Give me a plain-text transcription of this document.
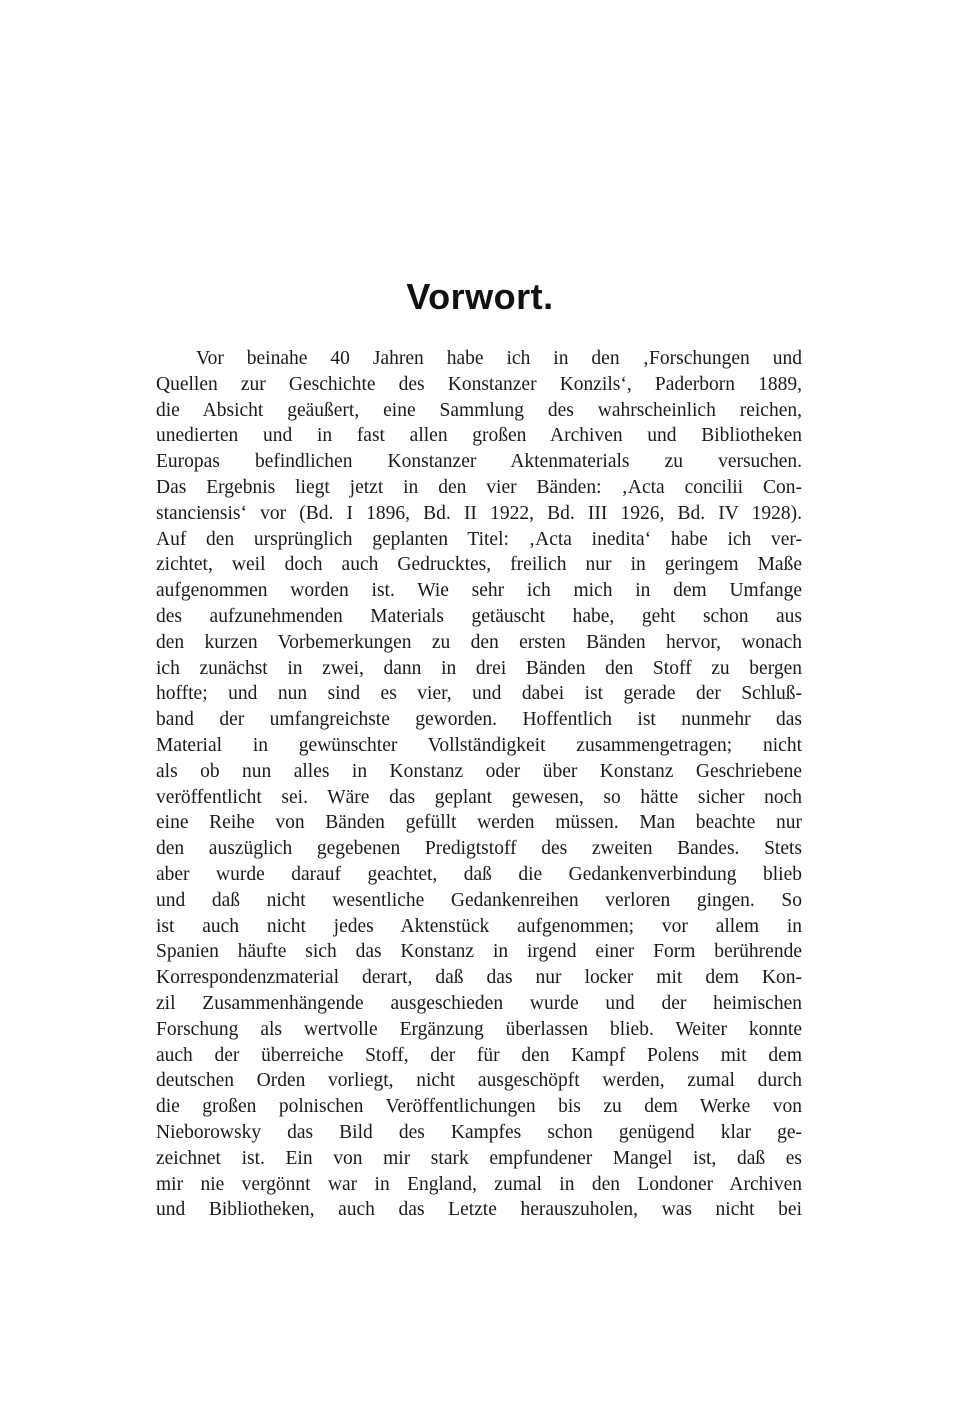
Vorwort.
Vor beinahe 40 Jahren habe ich in den ‚Forschungen und
Quellen zur Geschichte des Konstanzer Konzils‘, Paderborn 1889,
die Absicht geäußert, eine Sammlung des wahrscheinlich reichen,
unedierten und in fast allen großen Archiven und Bibliotheken
Europas befindlichen Konstanzer Aktenmaterials zu versuchen.
Das Ergebnis liegt jetzt in den vier Bänden: ‚Acta concilii Con-
stanciensis‘ vor (Bd. I 1896, Bd. II 1922, Bd. III 1926, Bd. IV 1928).
Auf den ursprünglich geplanten Titel: ‚Acta inedita‘ habe ich ver-
zichtet, weil doch auch Gedrucktes, freilich nur in geringem Maße
aufgenommen worden ist. Wie sehr ich mich in dem Umfange
des aufzunehmenden Materials getäuscht habe, geht schon aus
den kurzen Vorbemerkungen zu den ersten Bänden hervor, wonach
ich zunächst in zwei, dann in drei Bänden den Stoff zu bergen
hoffte; und nun sind es vier, und dabei ist gerade der Schluß-
band der umfangreichste geworden. Hoffentlich ist nunmehr das
Material in gewünschter Vollständigkeit zusammengetragen; nicht
als ob nun alles in Konstanz oder über Konstanz Geschriebene
veröffentlicht sei. Wäre das geplant gewesen, so hätte sicher noch
eine Reihe von Bänden gefüllt werden müssen. Man beachte nur
den auszüglich gegebenen Predigtstoff des zweiten Bandes. Stets
aber wurde darauf geachtet, daß die Gedankenverbindung blieb
und daß nicht wesentliche Gedankenreihen verloren gingen. So
ist auch nicht jedes Aktenstück aufgenommen; vor allem in
Spanien häufte sich das Konstanz in irgend einer Form berührende
Korrespondenzmaterial derart, daß das nur locker mit dem Kon-
zil Zusammenhängende ausgeschieden wurde und der heimischen
Forschung als wertvolle Ergänzung überlassen blieb. Weiter konnte
auch der überreiche Stoff, der für den Kampf Polens mit dem
deutschen Orden vorliegt, nicht ausgeschöpft werden, zumal durch
die großen polnischen Veröffentlichungen bis zu dem Werke von
Nieborowsky das Bild des Kampfes schon genügend klar ge-
zeichnet ist. Ein von mir stark empfundener Mangel ist, daß es
mir nie vergönnt war in England, zumal in den Londoner Archiven
und Bibliotheken, auch das Letzte herauszuholen, was nicht bei
